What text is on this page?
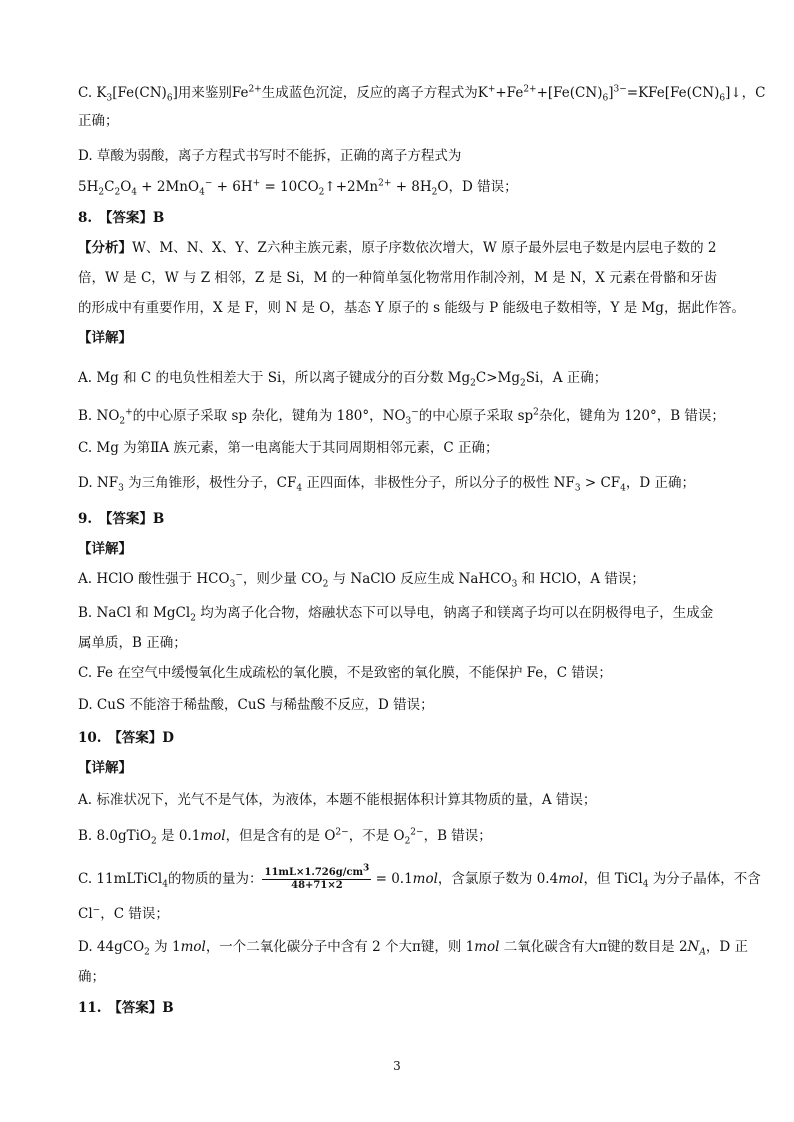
C. $K_3[Fe(CN)_6]$用来鉴别$Fe^{2+}$生成蓝色沉淀，反应的离子方程式为$K^++Fe^{2+}+[Fe(CN)_6]^{3-}=KFe[Fe(CN)_6]↓$，C
正确；
D. 草酸为弱酸，离子方程式书写时不能拆，正确的离子方程式为
$5H_2C_2O_4 + 2MnO_4^- + 6H^+$ = $10CO_2↑+2Mn^{2+} + 8H_2O$，D 错误；
8.　【答案】B
【分析】W、M、N、X、Y、Z六种主族元素，原子序数依次增大，W 原子最外层电子数是内层电子数的 2
倍，W 是 C，W 与 Z 相邻，Z 是 Si，M 的一种简单氢化物常用作制冷剂，M 是 N，X 元素在骨骼和牙齿
的形成中有重要作用，X 是 F，则 N 是 O，基态 Y 原子的 s 能级与 P 能级电子数相等，Y 是 Mg，据此作答。
【详解】
A. Mg 和 C 的电负性相差大于 Si，所以离子键成分的百分数 $Mg_2C>Mg_2Si$，A 正确；
B. $NO_2^+$的中心原子采取 sp 杂化，键角为 180°，$NO_3^-$的中心原子采取 $sp^2$杂化，键角为 120°，B 错误；
C. Mg 为第ⅡA 族元素，第一电离能大于其同周期相邻元素，C 正确；
D. $NF_3$ 为三角锥形，极性分子，$CF_4$ 正四面体，非极性分子，所以分子的极性 $NF_3 > CF_4$，D 正确；
9.　【答案】B
【详解】
A. HClO 酸性强于 $HCO_3^-$，则少量 $CO_2$ 与 NaClO 反应生成 NaHCO$_3$ 和 HClO，A 错误；
B. NaCl 和 MgCl$_2$ 均为离子化合物，熔融状态下可以导电，钠离子和镁离子均可以在阴极得电子，生成金
属单质，B 正确；
C. Fe 在空气中缓慢氧化生成疏松的氧化膜，不是致密的氧化膜，不能保护 Fe，C 错误；
D. CuS 不能溶于稀盐酸，CuS 与稀盐酸不反应，D 错误；
10.　【答案】D
【详解】
A. 标准状况下，光气不是气体，为液体，本题不能根据体积计算其物质的量，A 错误；
B. 8.0gTiO$_2$ 是 0.1mol，但是含有的是 $O^{2-}$，不是 $O_2^{2-}$，B 错误；
C. 11mLTiCl$_4$的物质的量为： $\frac{11mL\times 1.726g/cm^3}{48+71\times 2} = 0.1mol$，含氯原子数为 0.4mol，但 TiCl$_4$ 为分子晶体，不含
Cl−，C 错误；
D. 44gCO$_2$ 为 1mol，一个二氧化碳分子中含有 2 个大π键，则 1mol 二氧化碳含有大π键的数目是 $2N_A$，D 正
确；
11.　【答案】B
3
